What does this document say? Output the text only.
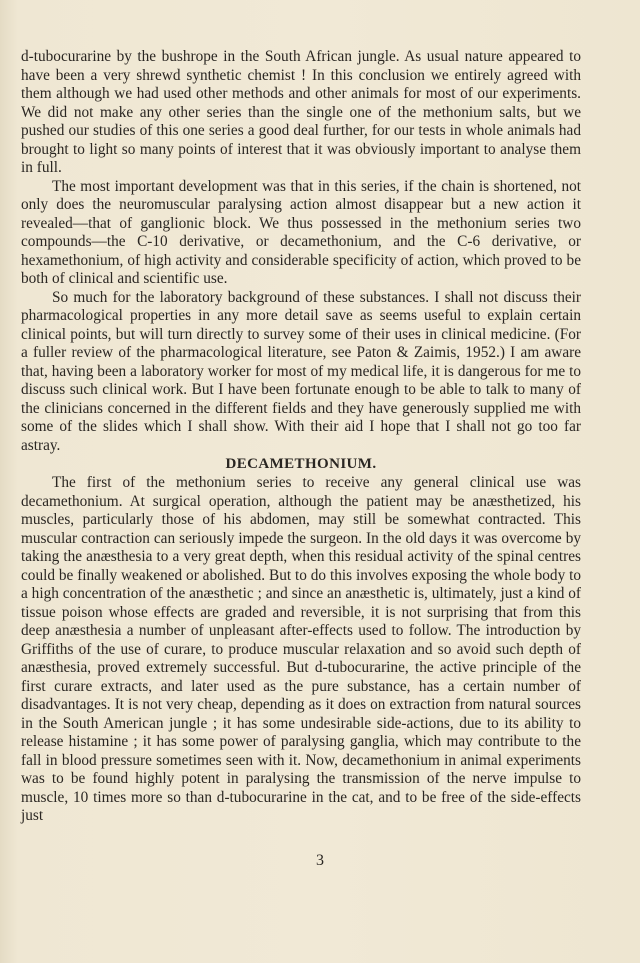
d-tubocurarine by the bushrope in the South African jungle. As usual nature appeared to have been a very shrewd synthetic chemist ! In this conclusion we entirely agreed with them although we had used other methods and other animals for most of our experiments. We did not make any other series than the single one of the methonium salts, but we pushed our studies of this one series a good deal further, for our tests in whole animals had brought to light so many points of interest that it was obviously important to analyse them in full.

The most important development was that in this series, if the chain is shortened, not only does the neuromuscular paralysing action almost disappear but a new action it revealed—that of ganglionic block. We thus possessed in the methonium series two compounds—the C-10 derivative, or decamethonium, and the C-6 derivative, or hexamethonium, of high activity and considerable specificity of action, which proved to be both of clinical and scientific use.

So much for the laboratory background of these substances. I shall not discuss their pharmacological properties in any more detail save as seems useful to explain certain clinical points, but will turn directly to survey some of their uses in clinical medicine. (For a fuller review of the pharmacological literature, see Paton & Zaimis, 1952.) I am aware that, having been a laboratory worker for most of my medical life, it is dangerous for me to discuss such clinical work. But I have been fortunate enough to be able to talk to many of the clinicians concerned in the different fields and they have generously supplied me with some of the slides which I shall show. With their aid I hope that I shall not go too far astray.

DECAMETHONIUM.

The first of the methonium series to receive any general clinical use was decamethonium. At surgical operation, although the patient may be anæsthetized, his muscles, particularly those of his abdomen, may still be somewhat contracted. This muscular contraction can seriously impede the surgeon. In the old days it was overcome by taking the anæsthesia to a very great depth, when this residual activity of the spinal centres could be finally weakened or abolished. But to do this involves exposing the whole body to a high concentration of the anæsthetic ; and since an anæsthetic is, ultimately, just a kind of tissue poison whose effects are graded and reversible, it is not surprising that from this deep anæsthesia a number of unpleasant after-effects used to follow. The introduction by Griffiths of the use of curare, to produce muscular relaxation and so avoid such depth of anæsthesia, proved extremely successful. But d-tubocurarine, the active principle of the first curare extracts, and later used as the pure substance, has a certain number of disadvantages. It is not very cheap, depending as it does on extraction from natural sources in the South American jungle ; it has some undesirable side-actions, due to its ability to release histamine ; it has some power of paralysing ganglia, which may contribute to the fall in blood pressure sometimes seen with it. Now, decamethonium in animal experiments was to be found highly potent in paralysing the transmission of the nerve impulse to muscle, 10 times more so than d-tubocurarine in the cat, and to be free of the side-effects just

3
